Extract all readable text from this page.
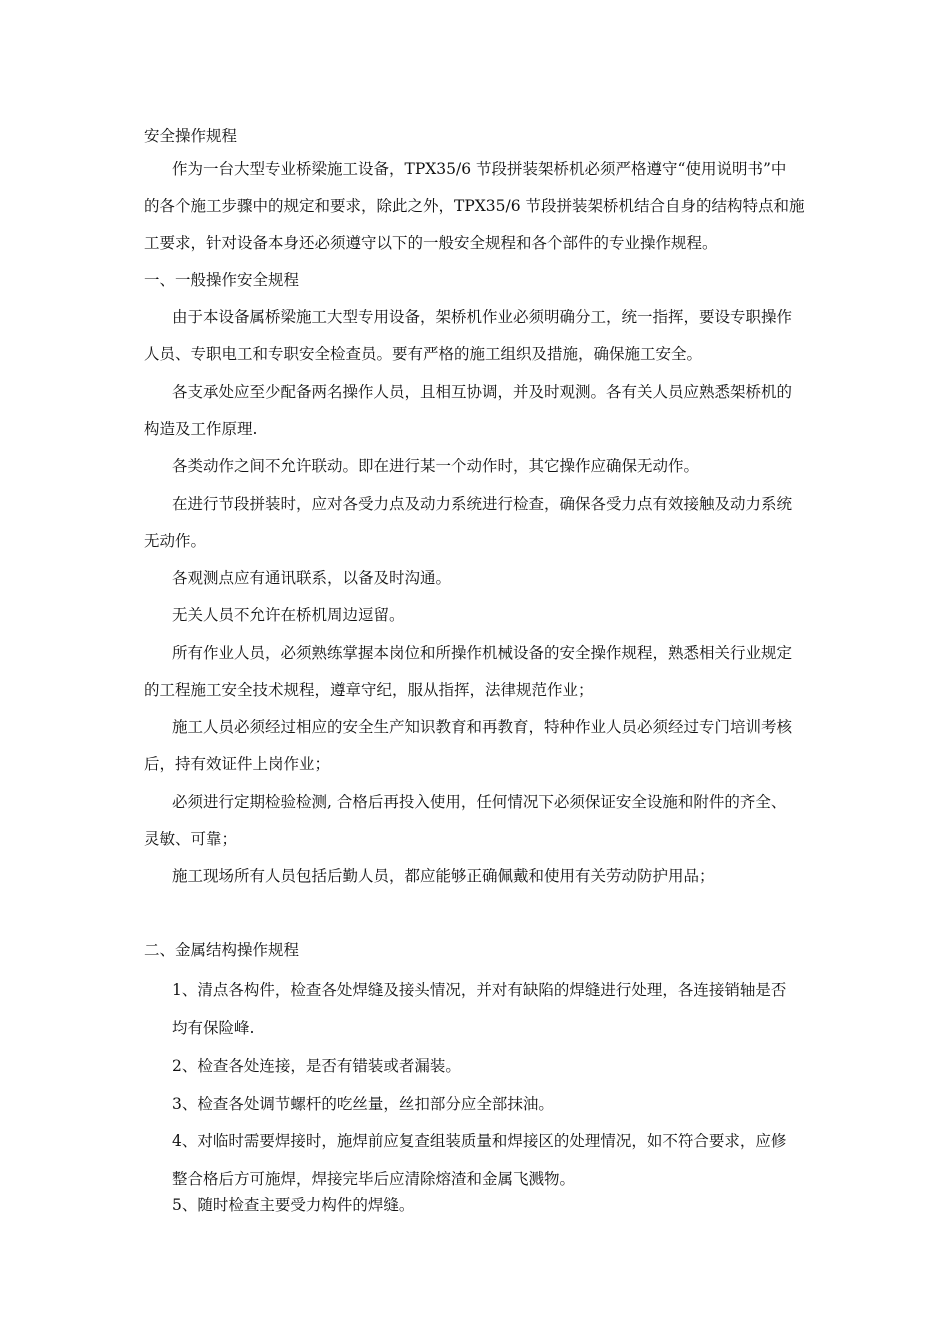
安全操作规程

作为一台大型专业桥梁施工设备，TPX35/6 节段拼装架桥机必须严格遵守“使用说明书”中

的各个施工步骤中的规定和要求，除此之外，TPX35/6 节段拼装架桥机结合自身的结构特点和施

工要求，针对设备本身还必须遵守以下的一般安全规程和各个部件的专业操作规程。

一、一般操作安全规程

由于本设备属桥梁施工大型专用设备，架桥机作业必须明确分工，统一指挥，要设专职操作

人员、专职电工和专职安全检查员。要有严格的施工组织及措施，确保施工安全。

各支承处应至少配备两名操作人员，且相互协调，并及时观测。各有关人员应熟悉架桥机的

构造及工作原理.

各类动作之间不允许联动。即在进行某一个动作时，其它操作应确保无动作。

在进行节段拼装时，应对各受力点及动力系统进行检查，确保各受力点有效接触及动力系统

无动作。

各观测点应有通讯联系，以备及时沟通。

无关人员不允许在桥机周边逗留。

所有作业人员，必须熟练掌握本岗位和所操作机械设备的安全操作规程，熟悉相关行业规定

的工程施工安全技术规程，遵章守纪，服从指挥，法律规范作业；

施工人员必须经过相应的安全生产知识教育和再教育，特种作业人员必须经过专门培训考核

后，持有效证件上岗作业；

必须进行定期检验检测, 合格后再投入使用，任何情况下必须保证安全设施和附件的齐全、

灵敏、可靠；

施工现场所有人员包括后勤人员，都应能够正确佩戴和使用有关劳动防护用品；

二、金属结构操作规程

1、清点各构件，检查各处焊缝及接头情况，并对有缺陷的焊缝进行处理，各连接销轴是否

均有保险峰.

2、检查各处连接，是否有错装或者漏装。

3、检查各处调节螺杆的吃丝量，丝扣部分应全部抹油。

4、对临时需要焊接时，施焊前应复查组装质量和焊接区的处理情况，如不符合要求，应修

整合格后方可施焊，焊接完毕后应清除熔渣和金属飞溅物。

5、随时检查主要受力构件的焊缝。
